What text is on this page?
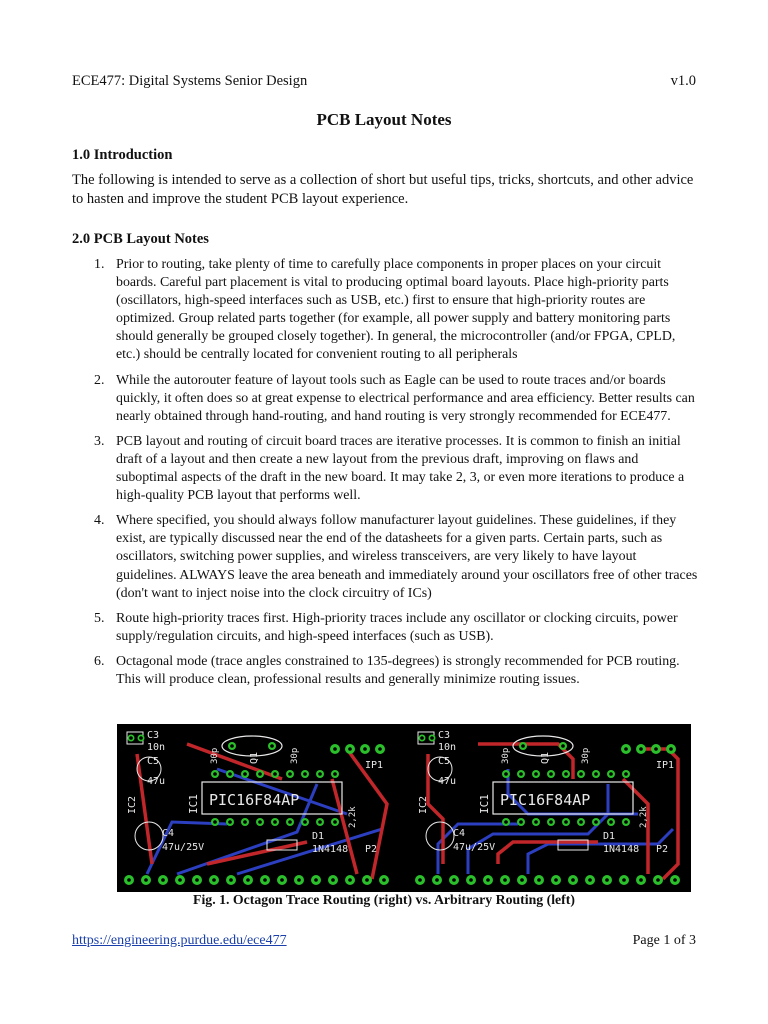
ECE477: Digital Systems Senior Design	v1.0
PCB Layout Notes
1.0 Introduction
The following is intended to serve as a collection of short but useful tips, tricks, shortcuts, and other advice to hasten and improve the student PCB layout experience.
2.0 PCB Layout Notes
1. Prior to routing, take plenty of time to carefully place components in proper places on your circuit boards. Careful part placement is vital to producing optimal board layouts. Place high-priority parts (oscillators, high-speed interfaces such as USB, etc.) first to ensure that high-priority routes are optimized. Group related parts together (for example, all power supply and battery monitoring parts should generally be grouped closely together). In general, the microcontroller (and/or FPGA, CPLD, etc.) should be centrally located for convenient routing to all peripherals
2. While the autorouter feature of layout tools such as Eagle can be used to route traces and/or boards quickly, it often does so at great expense to electrical performance and area efficiency. Better results can nearly obtained through hand-routing, and hand routing is very strongly recommended for ECE477.
3. PCB layout and routing of circuit board traces are iterative processes. It is common to finish an initial draft of a layout and then create a new layout from the previous draft, improving on flaws and suboptimal aspects of the draft in the new board. It may take 2, 3, or even more iterations to produce a high-quality PCB layout that performs well.
4. Where specified, you should always follow manufacturer layout guidelines. These guidelines, if they exist, are typically discussed near the end of the datasheets for a given parts. Certain parts, such as oscillators, switching power supplies, and wireless transceivers, are very likely to have layout guidelines. ALWAYS leave the area beneath and immediately around your oscillators free of other traces (don't want to inject noise into the clock circuitry of ICs)
5. Route high-priority traces first. High-priority traces include any oscillator or clocking circuits, power supply/regulation circuits, and high-speed interfaces (such as USB).
6. Octagonal mode (trace angles constrained to 135-degrees) is strongly recommended for PCB routing. This will produce clean, professional results and generally minimize routing issues.
PIC16F84AP
IC1
C3
10n
C5
47u
C4
47u/25V
IC2
D1
1N4148 P2
IP1
Q1
30p	30p
2,2k
PIC16F84AP
IC1
C3
10n
C5
47u
C4
47u/25V
IC2
D1
1N4148 P2
IP1
Q1
30p	30p
2,2k
Fig. 1. Octagon Trace Routing (right) vs. Arbitrary Routing (left)
https://engineering.purdue.edu/ece477	Page 1 of 3
